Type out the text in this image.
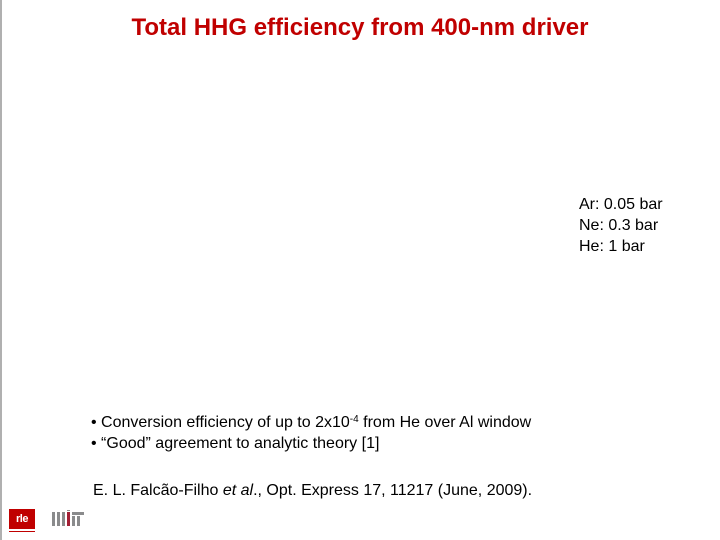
Total HHG efficiency from 400-nm driver
Ar: 0.05 bar
Ne: 0.3 bar
He: 1 bar
• Conversion efficiency of up to $2x10^{-4}$ from He over Al window
• “Good” agreement to analytic theory [1]
E. L. Falcão-Filho et al., Opt. Express 17, 11217 (June, 2009).
rle
